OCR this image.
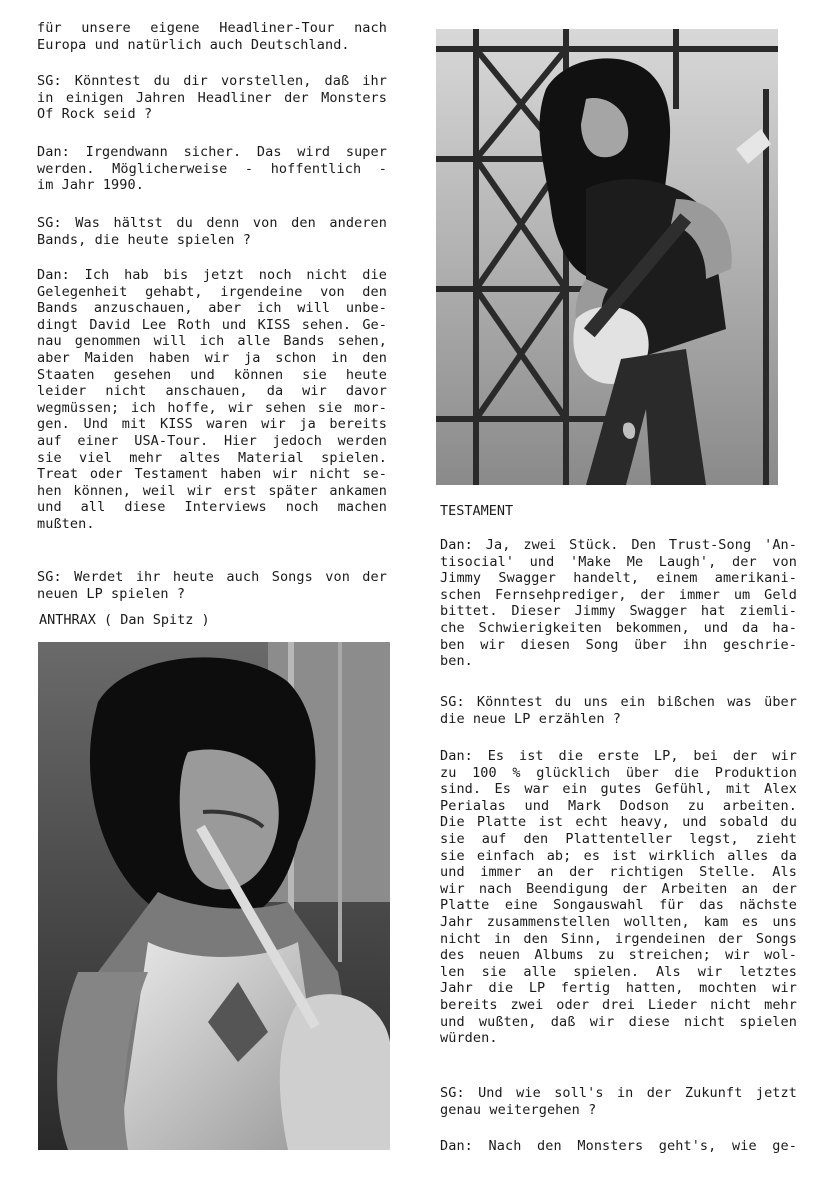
für unsere eigene Headliner-Tour nach
Europa und natürlich auch Deutschland.
SG: Könntest du dir vorstellen, daß ihr
in einigen Jahren Headliner der Monsters
Of Rock seid ?
Dan: Irgendwann sicher. Das wird super
werden. Möglicherweise - hoffentlich -
im Jahr 1990.
SG: Was hältst du denn von den anderen
Bands, die heute spielen ?
Dan: Ich hab bis jetzt noch nicht die
Gelegenheit gehabt, irgendeine von den
Bands anzuschauen, aber ich will unbe-
dingt David Lee Roth und KISS sehen. Ge-
nau genommen will ich alle Bands sehen,
aber Maiden haben wir ja schon in den
Staaten gesehen und können sie heute
leider nicht anschauen, da wir davor
wegmüssen; ich hoffe, wir sehen sie mor-
gen. Und mit KISS waren wir ja bereits
auf einer USA-Tour. Hier jedoch werden
sie viel mehr altes Material spielen.
Treat oder Testament haben wir nicht se-
hen können, weil wir erst später ankamen
und all diese Interviews noch machen
mußten.
SG: Werdet ihr heute auch Songs von der
neuen LP spielen ?

ANTHRAX ( Dan Spitz )

TESTAMENT

Dan: Ja, zwei Stück. Den Trust-Song 'An-
tisocial' und 'Make Me Laugh', der von
Jimmy Swagger handelt, einem amerikani-
schen Fernsehprediger, der immer um Geld
bittet. Dieser Jimmy Swagger hat ziemli-
che Schwierigkeiten bekommen, und da ha-
ben wir diesen Song über ihn geschrie-
ben.
SG: Könntest du uns ein bißchen was über
die neue LP erzählen ?
Dan: Es ist die erste LP, bei der wir
zu 100 % glücklich über die Produktion
sind. Es war ein gutes Gefühl, mit Alex
Perialas und Mark Dodson zu arbeiten.
Die Platte ist echt heavy, und sobald du
sie auf den Plattenteller legst, zieht
sie einfach ab; es ist wirklich alles da
und immer an der richtigen Stelle. Als
wir nach Beendigung der Arbeiten an der
Platte eine Songauswahl für das nächste
Jahr zusammenstellen wollten, kam es uns
nicht in den Sinn, irgendeinen der Songs
des neuen Albums zu streichen; wir wol-
len sie alle spielen. Als wir letztes
Jahr die LP fertig hatten, mochten wir
bereits zwei oder drei Lieder nicht mehr
und wußten, daß wir diese nicht spielen
würden.
SG: Und wie soll's in der Zukunft jetzt
genau weitergehen ?
Dan: Nach den Monsters geht's, wie ge-
